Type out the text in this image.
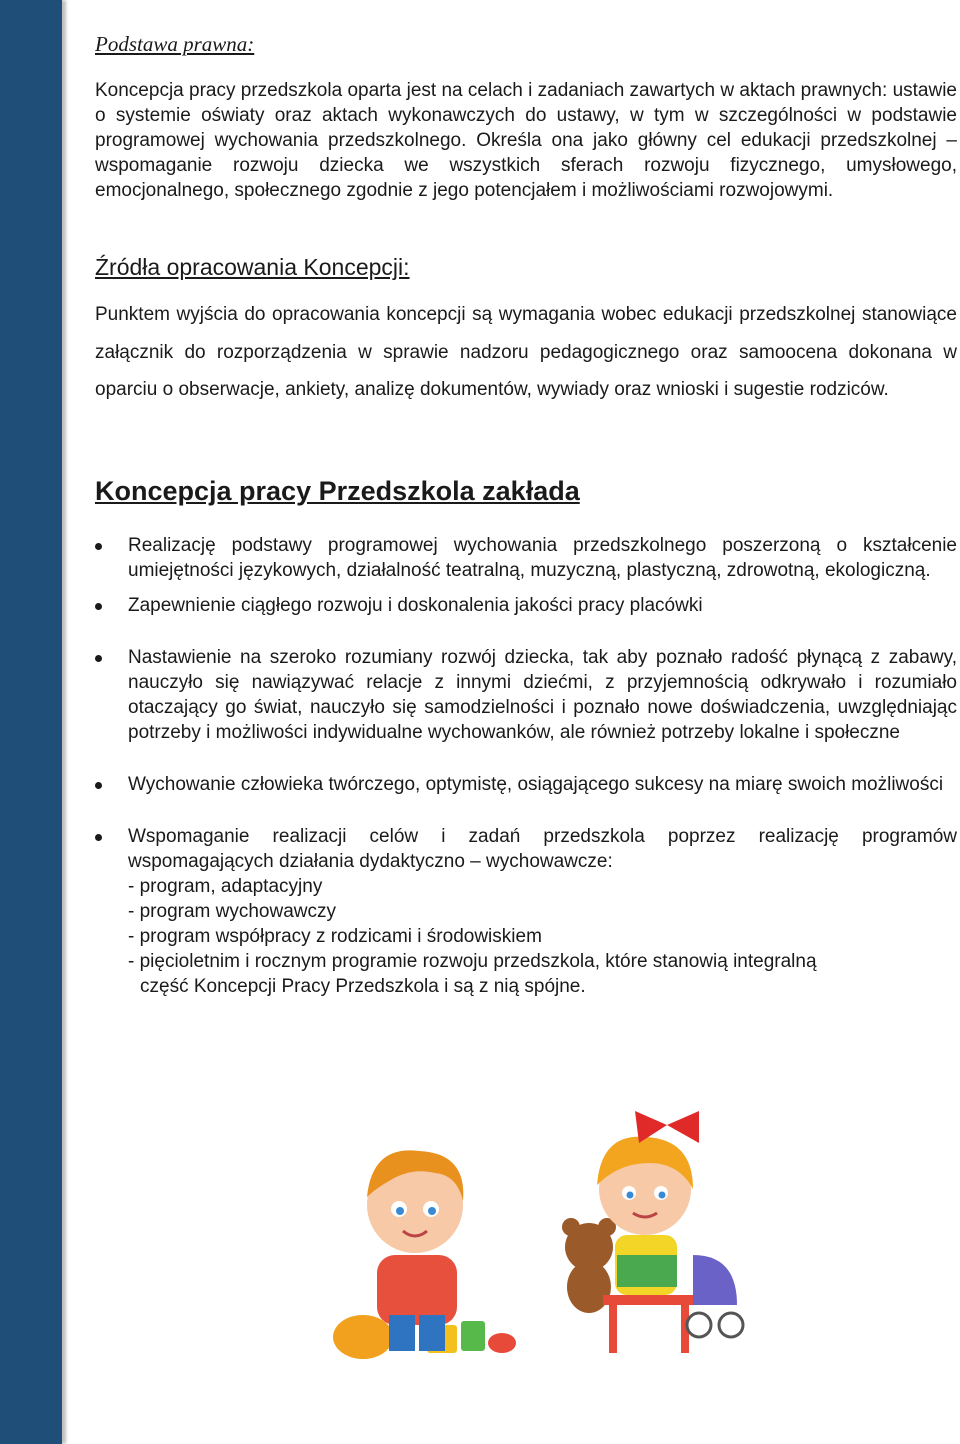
Podstawa prawna:

Koncepcja pracy przedszkola oparta jest na celach i zadaniach zawartych w aktach prawnych: ustawie o systemie oświaty oraz aktach wykonawczych do ustawy, w tym w szczególności w podstawie programowej wychowania przedszkolnego. Określa ona jako główny cel edukacji przedszkolnej – wspomaganie rozwoju dziecka we wszystkich sferach rozwoju fizycznego, umysłowego, emocjonalnego, społecznego zgodnie z jego potencjałem i możliwościami rozwojowymi.

Źródła opracowania Koncepcji:

Punktem wyjścia do opracowania koncepcji są wymagania wobec edukacji przedszkolnej stanowiące załącznik do rozporządzenia w sprawie nadzoru pedagogicznego oraz samoocena dokonana w oparciu o obserwacje, ankiety, analizę dokumentów, wywiady oraz wnioski i sugestie rodziców.

Koncepcja pracy Przedszkola zakłada
Realizację podstawy programowej wychowania przedszkolnego poszerzoną o kształcenie umiejętności językowych, działalność teatralną, muzyczną, plastyczną, zdrowotną, ekologiczną.
Zapewnienie ciągłego rozwoju i doskonalenia jakości pracy placówki
Nastawienie na szeroko rozumiany rozwój dziecka, tak aby poznało radość płynącą z zabawy, nauczyło się nawiązywać relacje z innymi dziećmi, z przyjemnością odkrywało i rozumiało otaczający go świat, nauczyło się samodzielności i poznało nowe doświadczenia, uwzględniając potrzeby i możliwości indywidualne wychowanków, ale również potrzeby lokalne i społeczne
Wychowanie człowieka twórczego, optymistę, osiągającego sukcesy na miarę swoich możliwości
Wspomaganie realizacji celów i zadań przedszkola poprzez realizację programów wspomagających działania dydaktyczno – wychowawcze:
- program, adaptacyjny
- program wychowawczy
- program współpracy z rodzicami i środowiskiem
- pięcioletnim i rocznym programie rozwoju przedszkola, które stanowią integralną
część Koncepcji Pracy Przedszkola i są z nią spójne.
